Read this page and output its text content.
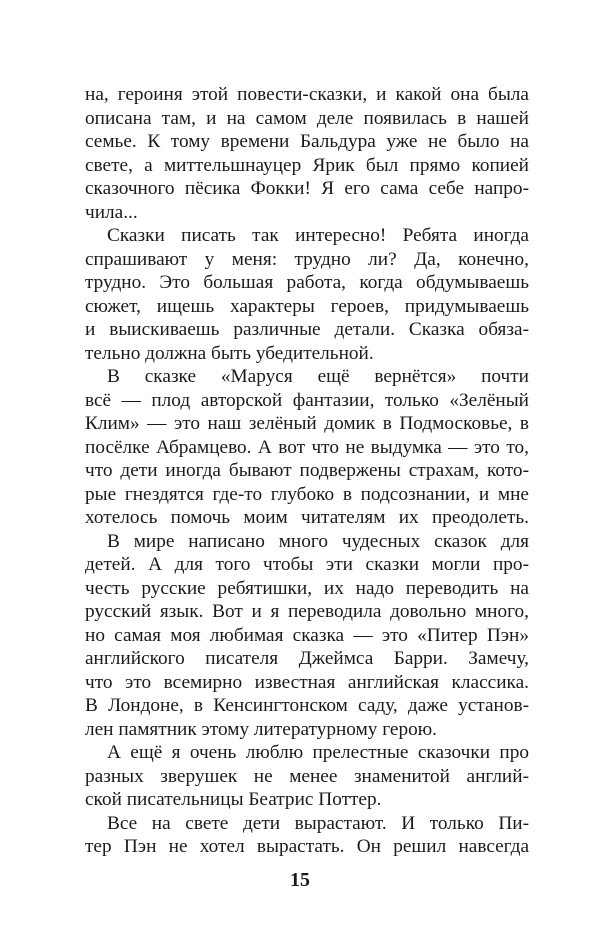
на, героиня этой повести-сказки, и какой она была
описана там, и на самом деле появилась в нашей
семье. К тому времени Бальдура уже не было на
свете, а миттельшнауцер Ярик был прямо копией
сказочного пёсика Фокки! Я его сама себе напро-
чила...
Сказки писать так интересно! Ребята иногда
спрашивают у меня: трудно ли? Да, конечно,
трудно. Это большая работа, когда обдумываешь
сюжет, ищешь характеры героев, придумываешь
и выискиваешь различные детали. Сказка обяза-
тельно должна быть убедительной.
В сказке «Маруся ещё вернётся» почти
всё — плод авторской фантазии, только «Зелёный
Клим» — это наш зелёный домик в Подмосковье, в
посёлке Абрамцево. А вот что не выдумка — это то,
что дети иногда бывают подвержены страхам, кото-
рые гнездятся где-то глубоко в подсознании, и мне
хотелось помочь моим читателям их преодолеть.
В мире написано много чудесных сказок для
детей. А для того чтобы эти сказки могли про-
честь русские ребятишки, их надо переводить на
русский язык. Вот и я переводила довольно много,
но самая моя любимая сказка — это «Питер Пэн»
английского писателя Джеймса Барри. Замечу,
что это всемирно известная английская классика.
В Лондоне, в Кенсингтонском саду, даже установ-
лен памятник этому литературному герою.
А ещё я очень люблю прелестные сказочки про
разных зверушек не менее знаменитой англий-
ской писательницы Беатрис Поттер.
Все на свете дети вырастают. И только Пи-
тер Пэн не хотел вырастать. Он решил навсегда
15
